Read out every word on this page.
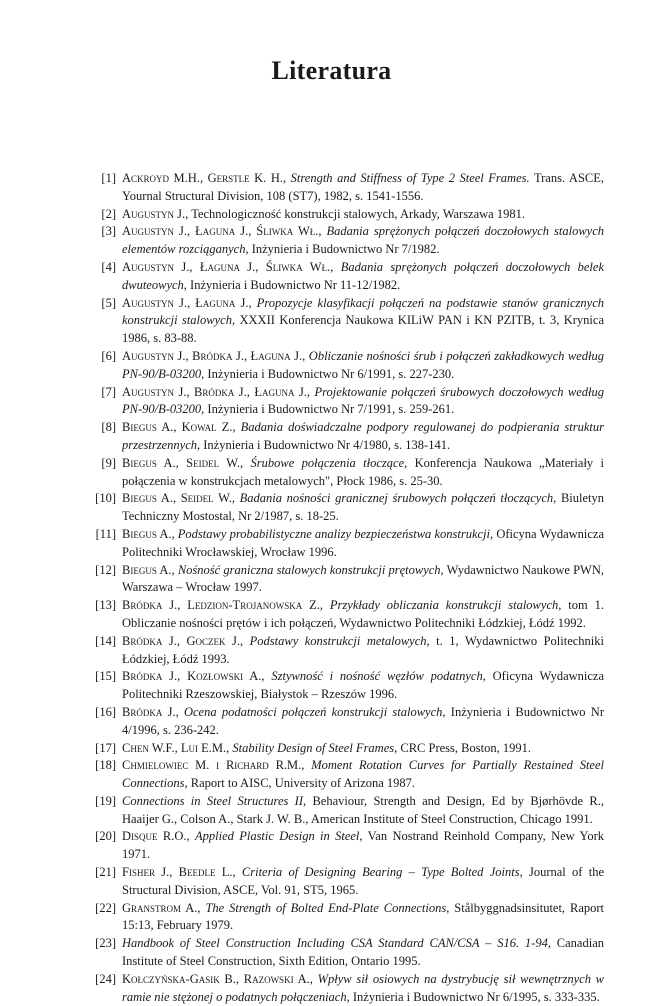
Literatura
[1] Ackroyd M.H., Gerstle K. H., Strength and Stiffness of Type 2 Steel Frames. Trans. ASCE, Yournal Structural Division, 108 (ST7), 1982, s. 1541-1556.
[2] Augustyn J., Technologiczność konstrukcji stalowych, Arkady, Warszawa 1981.
[3] Augustyn J., Łaguna J., Śliwka Wł., Badania sprężonych połączeń doczołowych stalowych elementów rozciąganych, Inżynieria i Budownictwo Nr 7/1982.
[4] Augustyn J., Łaguna J., Śliwka Wł., Badania sprężonych połączeń doczołowych belek dwuteowych, Inżynieria i Budownictwo Nr 11-12/1982.
[5] Augustyn J., Łaguna J., Propozycje klasyfikacji połączeń na podstawie stanów granicznych konstrukcji stalowych, XXXII Konferencja Naukowa KILiW PAN i KN PZITB, t. 3, Krynica 1986, s. 83-88.
[6] Augustyn J., Bródka J., Łaguna J., Obliczanie nośności śrub i połączeń zakładkowych według PN-90/B-03200, Inżynieria i Budownictwo Nr 6/1991, s. 227-230.
[7] Augustyn J., Bródka J., Łaguna J., Projektowanie połączeń śrubowych doczołowych według PN-90/B-03200, Inżynieria i Budownictwo Nr 7/1991, s. 259-261.
[8] Biegus A., Kowal Z., Badania doświadczalne podpory regulowanej do podpierania struktur przestrzennych, Inżynieria i Budownictwo Nr 4/1980, s. 138-141.
[9] Biegus A., Seidel W., Śrubowe połączenia tłoczące, Konferencja Naukowa „Materiały i połączenia w konstrukcjach metalowych", Płock 1986, s. 25-30.
[10] Biegus A., Seidel W., Badania nośności granicznej śrubowych połączeń tłoczących, Biuletyn Techniczny Mostostal, Nr 2/1987, s. 18-25.
[11] Biegus A., Podstawy probabilistyczne analizy bezpieczeństwa konstrukcji, Oficyna Wydawnicza Politechniki Wrocławskiej, Wrocław 1996.
[12] Biegus A., Nośność graniczna stalowych konstrukcji prętowych, Wydawnictwo Naukowe PWN, Warszawa – Wrocław 1997.
[13] Bródka J., Ledzion-Trojanowska Z., Przykłady obliczania konstrukcji stalowych, tom 1. Obliczanie nośności prętów i ich połączeń, Wydawnictwo Politechniki Łódzkiej, Łódź 1992.
[14] Bródka J., Goczek J., Podstawy konstrukcji metalowych, t. 1, Wydawnictwo Politechniki Łódzkiej, Łódź 1993.
[15] Bródka J., Kozłowski A., Sztywność i nośność węzłów podatnych, Oficyna Wydawnicza Politechniki Rzeszowskiej, Białystok – Rzeszów 1996.
[16] Bródka J., Ocena podatności połączeń konstrukcji stalowych, Inżynieria i Budownictwo Nr 4/1996, s. 236-242.
[17] Chen W.F., Lui E.M., Stability Design of Steel Frames, CRC Press, Boston, 1991.
[18] Chmielowiec M. i Richard R.M., Moment Rotation Curves for Partially Restained Steel Connections, Raport to AISC, University of Arizona 1987.
[19] Connections in Steel Structures II, Behaviour, Strength and Design, Ed by Bjørhövde R., Haaijer G., Colson A., Stark J. W. B., American Institute of Steel Construction, Chicago 1991.
[20] Disque R.O., Applied Plastic Design in Steel, Van Nostrand Reinhold Company, New York 1971.
[21] Fisher J., Beedle L., Criteria of Designing Bearing – Type Bolted Joints, Journal of the Structural Division, ASCE, Vol. 91, ST5, 1965.
[22] Granstrom A., The Strength of Bolted End-Plate Connections, Stålbyggnadsinsitutet, Raport 15:13, February 1979.
[23] Handbook of Steel Construction Including CSA Standard CAN/CSA – S16. 1-94, Canadian Institute of Steel Construction, Sixth Edition, Ontario 1995.
[24] Kołczyńska-Gasik B., Razowski A., Wpływ sił osiowych na dystrybucję sił wewnętrznych w ramie nie stężonej o podatnych połączeniach, Inżynieria i Budownictwo Nr 6/1995, s. 333-335.
